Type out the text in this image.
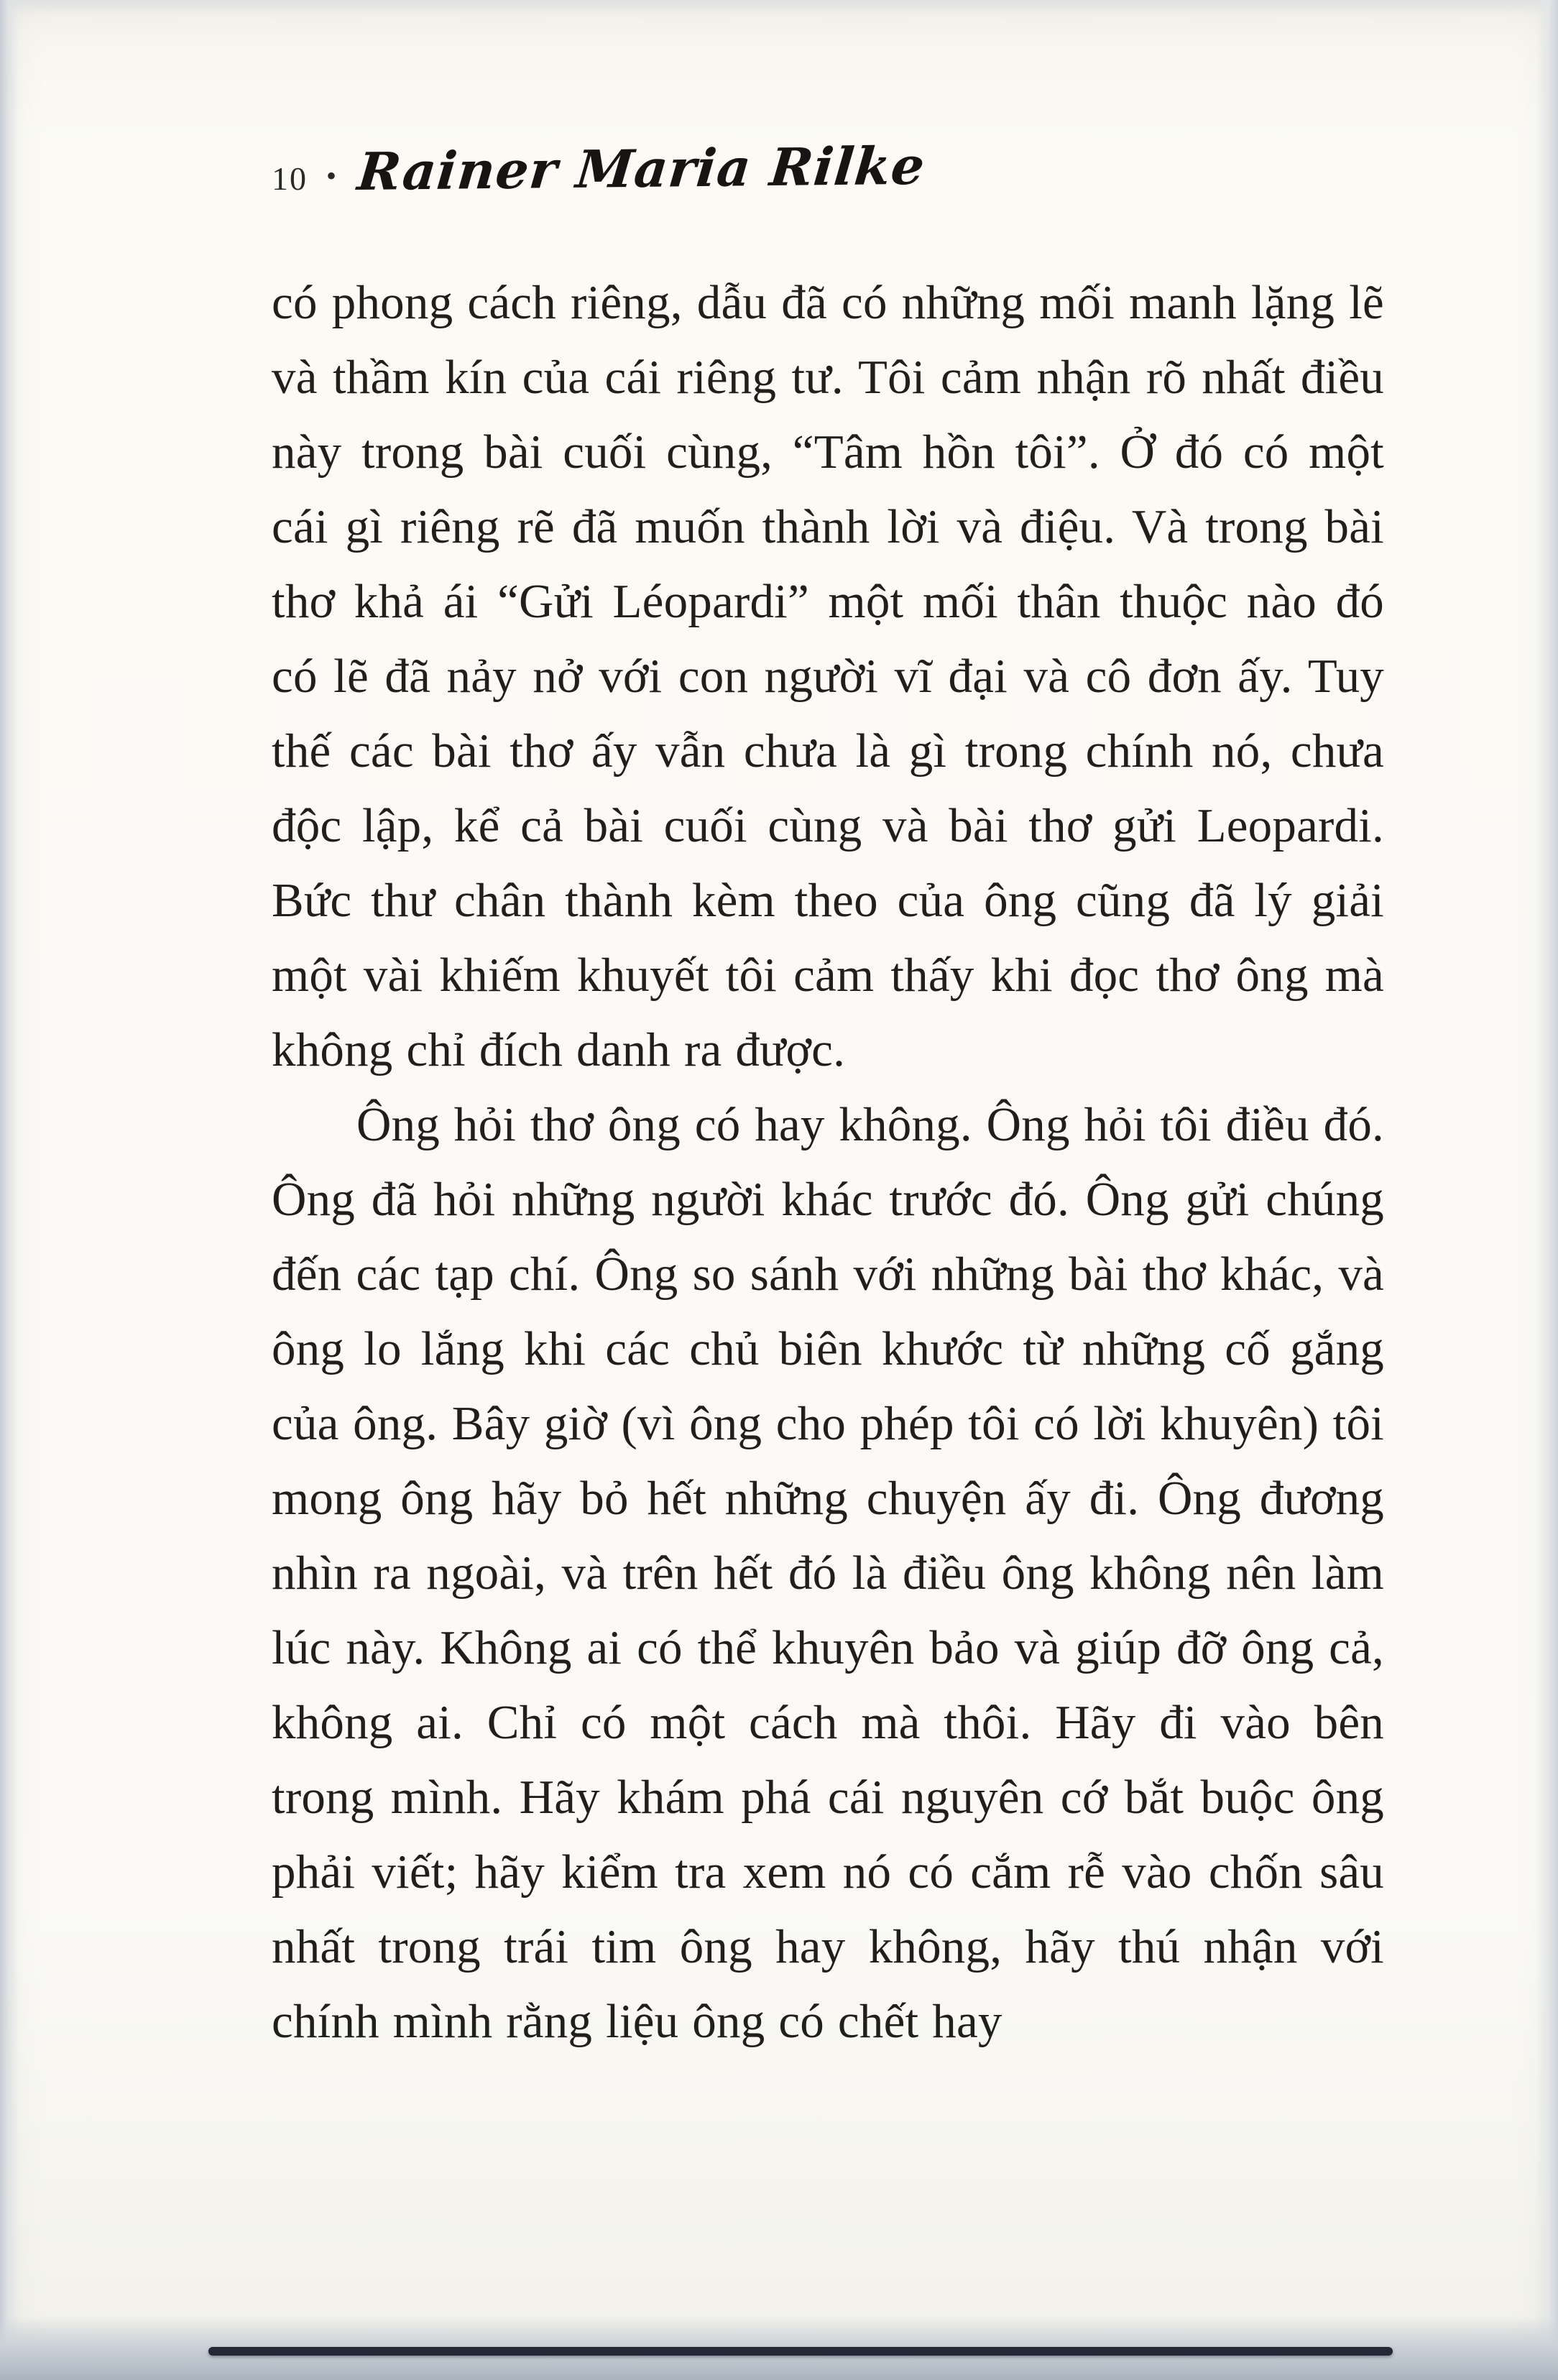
10 • Rainer Maria Rilke

có phong cách riêng, dẫu đã có những mối manh lặng lẽ và thầm kín của cái riêng tư. Tôi cảm nhận rõ nhất điều này trong bài cuối cùng, “Tâm hồn tôi”. Ở đó có một cái gì riêng rẽ đã muốn thành lời và điệu. Và trong bài thơ khả ái “Gửi Léopardi” một mối thân thuộc nào đó có lẽ đã nảy nở với con người vĩ đại và cô đơn ấy. Tuy thế các bài thơ ấy vẫn chưa là gì trong chính nó, chưa độc lập, kể cả bài cuối cùng và bài thơ gửi Leopardi. Bức thư chân thành kèm theo của ông cũng đã lý giải một vài khiếm khuyết tôi cảm thấy khi đọc thơ ông mà không chỉ đích danh ra được.

Ông hỏi thơ ông có hay không. Ông hỏi tôi điều đó. Ông đã hỏi những người khác trước đó. Ông gửi chúng đến các tạp chí. Ông so sánh với những bài thơ khác, và ông lo lắng khi các chủ biên khước từ những cố gắng của ông. Bây giờ (vì ông cho phép tôi có lời khuyên) tôi mong ông hãy bỏ hết những chuyện ấy đi. Ông đương nhìn ra ngoài, và trên hết đó là điều ông không nên làm lúc này. Không ai có thể khuyên bảo và giúp đỡ ông cả, không ai. Chỉ có một cách mà thôi. Hãy đi vào bên trong mình. Hãy khám phá cái nguyên cớ bắt buộc ông phải viết; hãy kiểm tra xem nó có cắm rễ vào chốn sâu nhất trong trái tim ông hay không, hãy thú nhận với chính mình rằng liệu ông có chết hay
